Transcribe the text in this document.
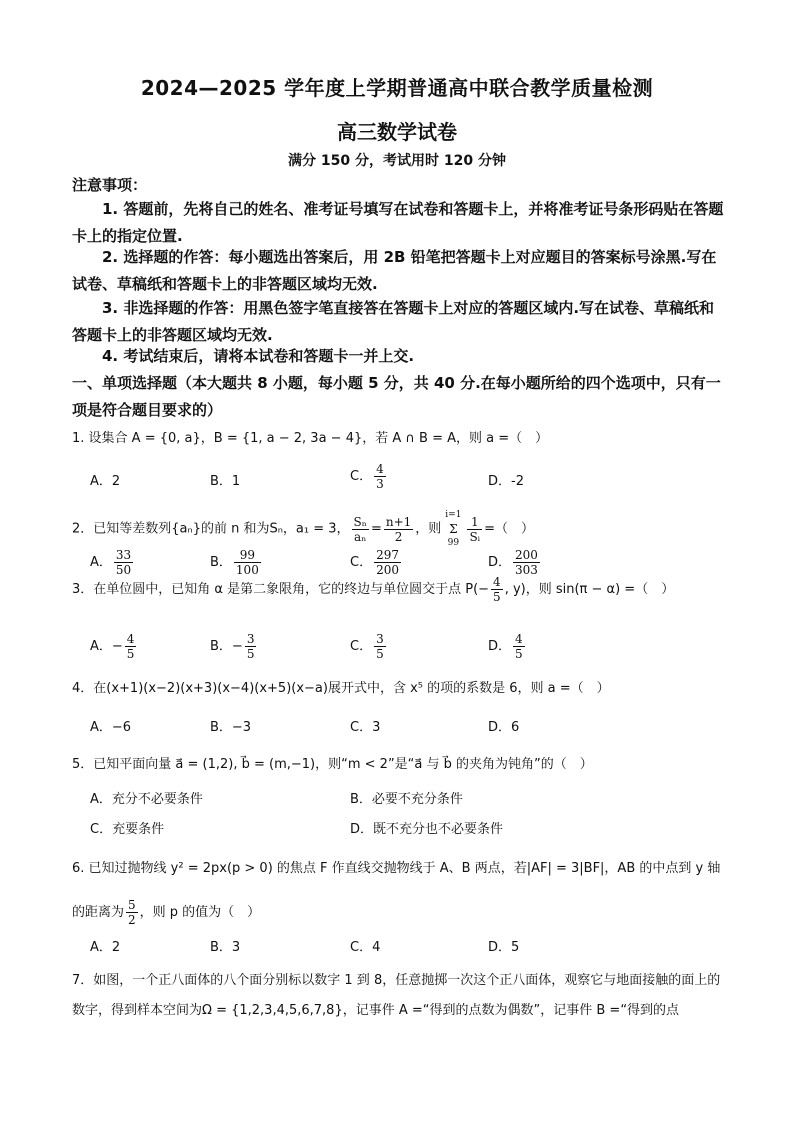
2024—2025 学年度上学期普通高中联合教学质量检测
高三数学试卷
满分 150 分，考试用时 120 分钟
注意事项：
1. 答题前，先将自己的姓名、准考证号填写在试卷和答题卡上，并将准考证号条形码贴在答题卡上的指定位置.
2. 选择题的作答：每小题选出答案后，用 2B 铅笔把答题卡上对应题目的答案标号涂黑.写在试卷、草稿纸和答题卡上的非答题区域均无效.
3. 非选择题的作答：用黑色签字笔直接答在答题卡上对应的答题区域内.写在试卷、草稿纸和答题卡上的非答题区域均无效.
4. 考试结束后，请将本试卷和答题卡一并上交.
一、单项选择题（本大题共 8 小题，每小题 5 分，共 40 分.在每小题所给的四个选项中，只有一项是符合题目要求的）
1. 设集合 A = {0, a}，B = {1, a − 2, 3a − 4}，若 A ∩ B = A，则 a =（　）
A．2	B．1	C． $\frac{4}{3}$	D．-2
2．已知等差数列{aₙ}的前 n 和为Sₙ，a₁ = 3， $\frac{\text{Sₙ}}{\text{aₙ}} = \frac{n+1}{2}$ ，则
i=1
Σ
$99 \frac{1}{\text{Sᵢ}}$ =（　）
A． $\frac{33}{50}$	B． $\frac{99}{100}$	C． $\frac{297}{200}$	D． $\frac{200}{303}$
3．在单位圆中，已知角 α 是第二象限角，它的终边与单位圆交于点 $P(- \frac{4}{5}$ , y)，则 sin(π − α) =（　）
A．− $\frac{4}{5}$	B．− $\frac{3}{5}$	C． $\frac{3}{5}$	D． $\frac{4}{5}$
4．在(x+1)(x−2)(x+3)(x−4)(x+5)(x−a)展开式中，含 x⁵ 的项的系数是 6，则 a =（　）
A．−6	B．−3	C．3	D．6
5．已知平面向量 a⃗ = (1,2), b⃗ = (m,−1)，则“m < 2”是“a⃗ 与 b⃗ 的夹角为钝角”的（　）
A．充分不必要条件	B．必要不充分条件
C．充要条件	D．既不充分也不必要条件
6. 已知过抛物线 y² = 2px(p > 0) 的焦点 F 作直线交抛物线于 A、B 两点，若|AF| = 3|BF|，AB 的中点到 y 轴
的距离为 $\frac{5}{2}$ ，则 p 的值为（　）
A．2	B．3	C．4	D．5
7．如图，一个正八面体的八个面分别标以数字 1 到 8，任意抛掷一次这个正八面体，观察它与地面接触的面上的数字，得到样本空间为Ω = {1,2,3,4,5,6,7,8}，记事件 A =“得到的点数为偶数”，记事件 B =“得到的点
